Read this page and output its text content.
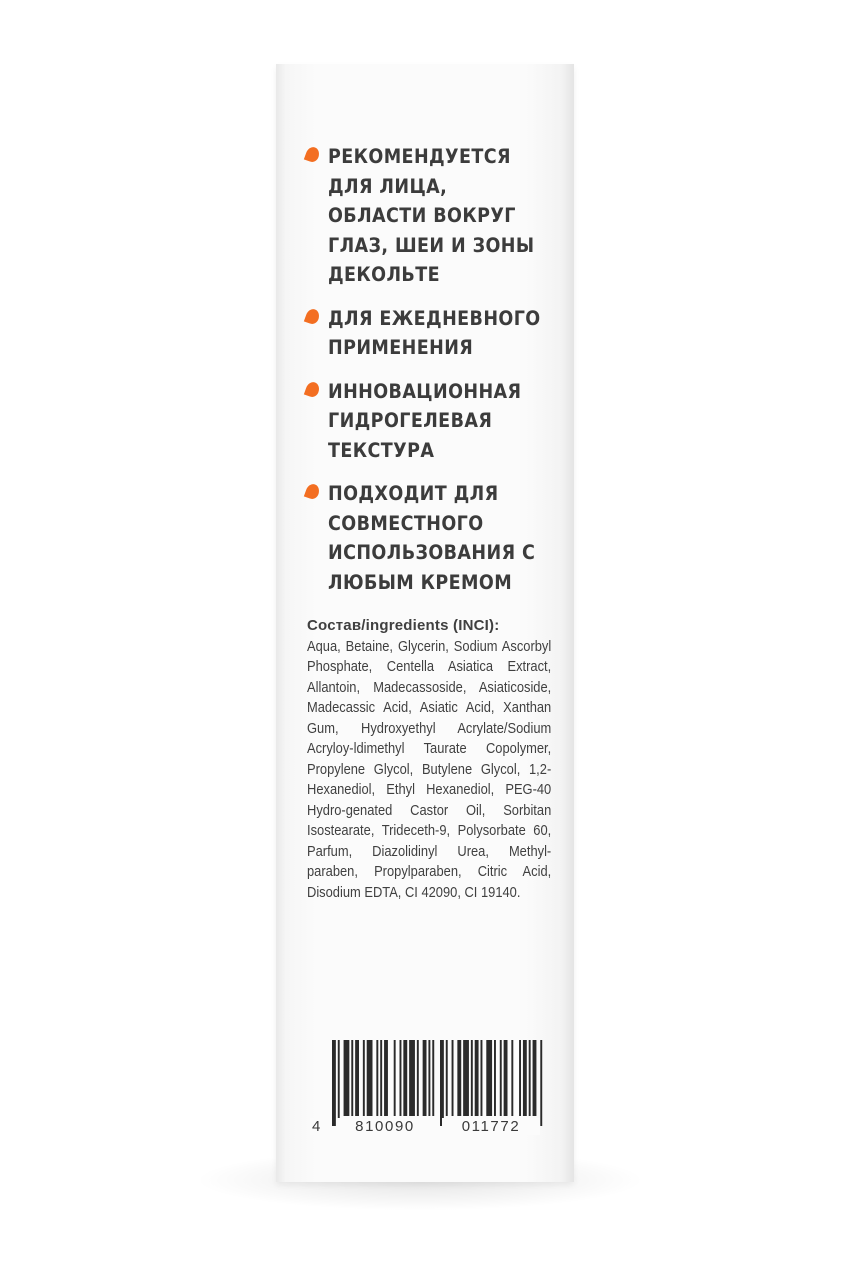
РЕКОМЕНДУЕТСЯ
ДЛЯ ЛИЦА,
ОБЛАСТИ ВОКРУГ
ГЛАЗ, ШЕИ И ЗОНЫ
ДЕКОЛЬТЕ
ДЛЯ ЕЖЕДНЕВНОГО
ПРИМЕНЕНИЯ
ИННОВАЦИОННАЯ
ГИДРОГЕЛЕВАЯ
ТЕКСТУРА
ПОДХОДИТ ДЛЯ
СОВМЕСТНОГО
ИСПОЛЬЗОВАНИЯ С
ЛЮБЫМ КРЕМОМ
Состав/ingredients (INCI):
Aqua, Betaine, Glycerin, Sodium Ascorbyl Phosphate, Centella Asiatica Extract, Allantoin, Madecassoside, Asiaticoside, Madecassic Acid, Asiatic Acid, Xanthan Gum, Hydroxyethyl Acrylate/Sodium Acryloy-ldimethyl Taurate Copolymer, Propylene Glycol, Butylene Glycol, 1,2-Hexanediol, Ethyl Hexanediol, PEG-40 Hydro-genated Castor Oil, Sorbitan Isostearate, Trideceth-9, Polysorbate 60, Parfum, Diazolidinyl Urea, Methyl-paraben, Propylparaben, Citric Acid, Disodium EDTA, CI 42090, CI 19140.
4	810090	011772
